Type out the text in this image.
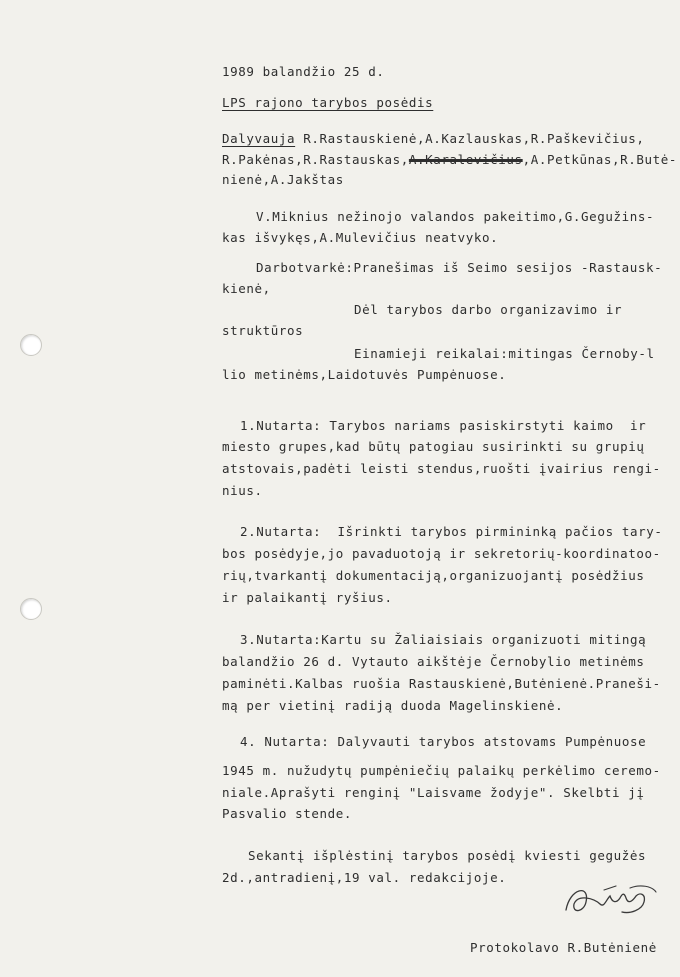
1989 balandžio 25 d.
LPS rajono tarybos posėdis
Dalyvauja R.Rastauskienė,A.Kazlauskas,R.Paškevičius,
R.Pakėnas,R.Rastauskas,A.Karalevičius,A.Petkūnas,R.Butė-
nienė,A.Jakštas
V.Miknius nežinojo valandos pakeitimo,G.Gegužins-
kas išvykęs,A.Mulevičius neatvyko.
Darbotvarkė:Pranešimas iš Seimo sesijos -Rastausk-
kienė,
Dėl tarybos darbo organizavimo ir
struktūros
Einamieji reikalai:mitingas Černoby-l
lio metinėms,Laidotuvės Pumpėnuose.
1.Nutarta: Tarybos nariams pasiskirstyti kaimo  ir
miesto grupes,kad būtų patogiau susirinkti su grupių
atstovais,padėti leisti stendus,ruošti įvairius rengi-
nius.
2.Nutarta:  Išrinkti tarybos pirmininką pačios tary-
bos posėdyje,jo pavaduotoją ir sekretorių-koordinatoo-
rių,tvarkantį dokumentaciją,organizuojantį posėdžius
ir palaikantį ryšius.
3.Nutarta:Kartu su Žaliaisiais organizuoti mitingą
balandžio 26 d. Vytauto aikštėje Černobylio metinėms
paminėti.Kalbas ruošia Rastauskienė,Butėnienė.Praneši-
mą per vietinį radiją duoda Magelinskienė.
4. Nutarta: Dalyvauti tarybos atstovams Pumpėnuose
1945 m. nužudytų pumpėniečių palaikų perkėlimo ceremo-
niale.Aprašyti renginį "Laisvame žodyje". Skelbti jį
Pasvalio stende.
Sekantį išplėstinį tarybos posėdį kviesti gegužės
2d.,antradienį,19 val. redakcijoje.
Protokolavo R.Butėnienė
